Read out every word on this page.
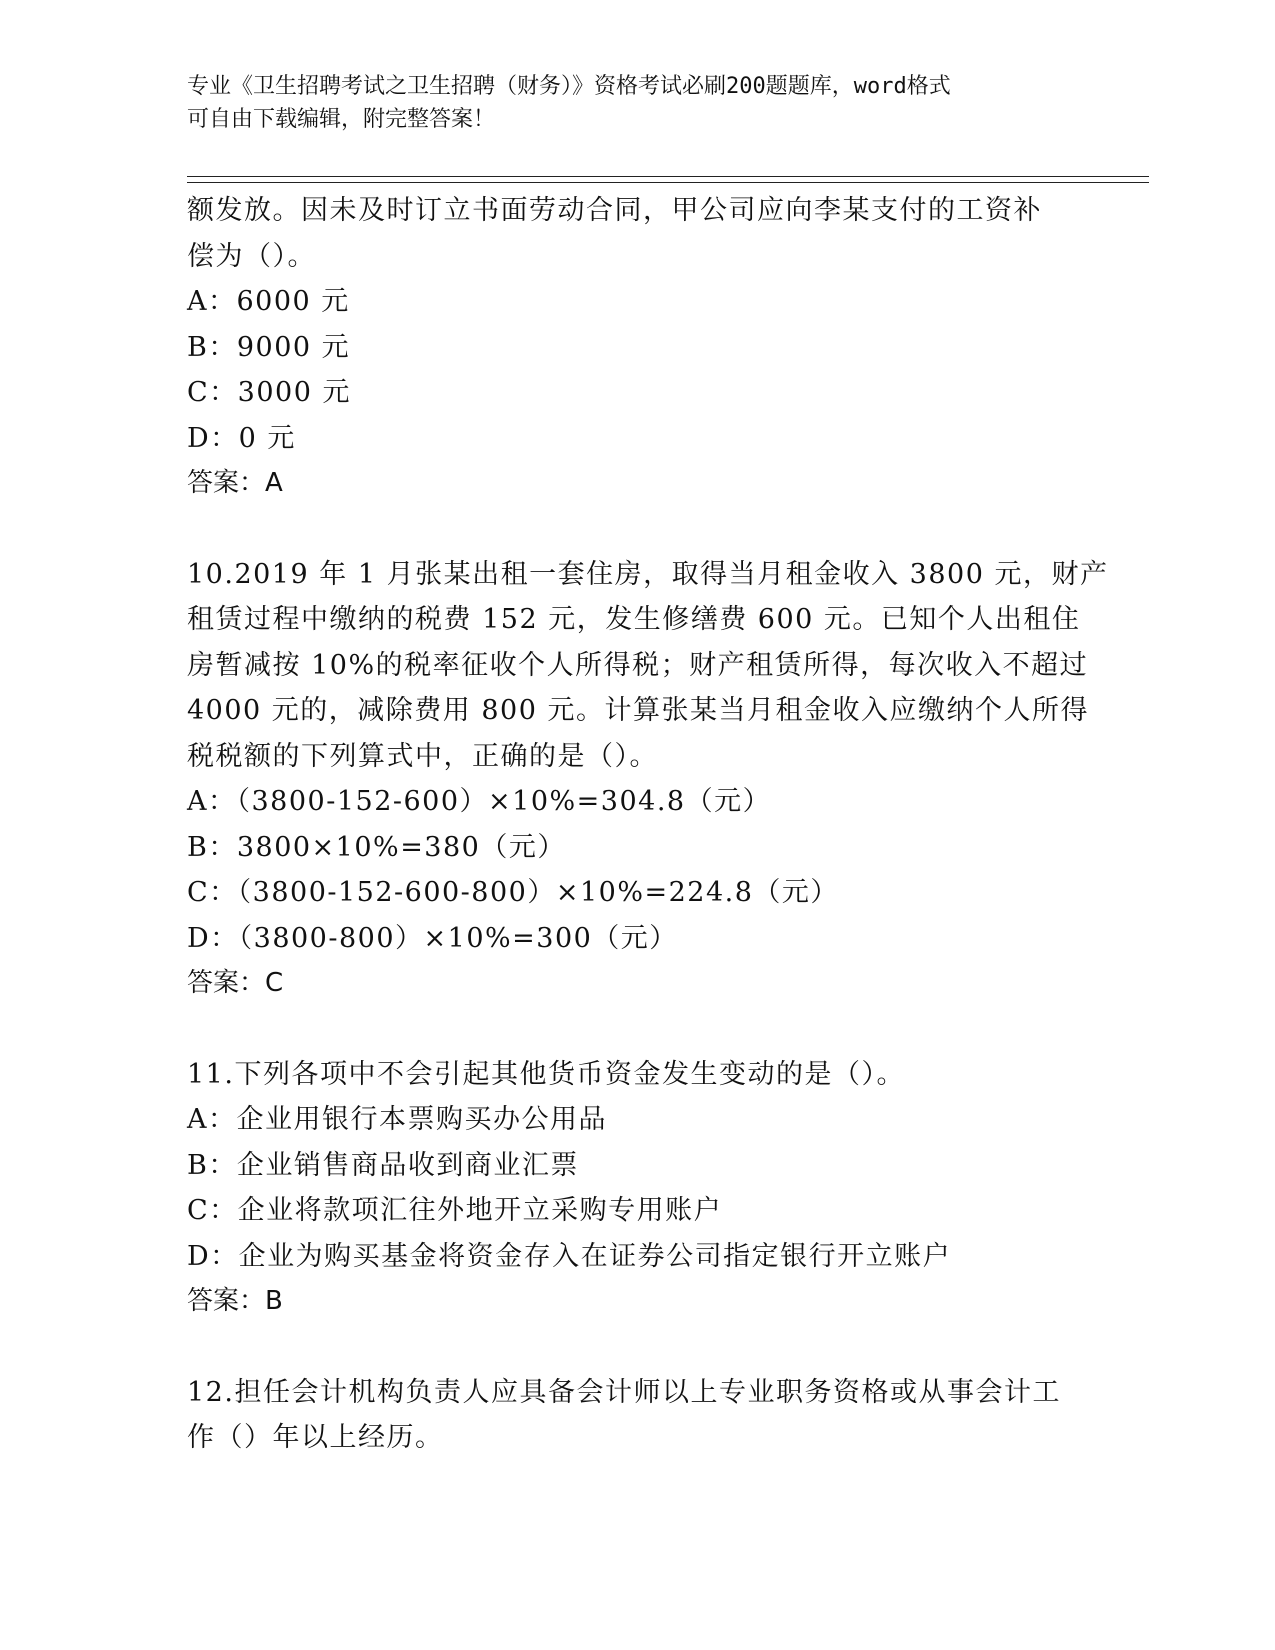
专业《卫生招聘考试之卫生招聘（财务）》资格考试必刷200题题库，word格式
可自由下载编辑，附完整答案！
额发放。因未及时订立书面劳动合同，甲公司应向李某支付的工资补
偿为（）。
A：6000 元
B：9000 元
C：3000 元
D：0 元
答案：A
10.2019 年 1 月张某出租一套住房，取得当月租金收入 3800 元，财产
租赁过程中缴纳的税费 152 元，发生修缮费 600 元。已知个人出租住
房暂减按 10%的税率征收个人所得税；财产租赁所得，每次收入不超过
4000 元的，减除费用 800 元。计算张某当月租金收入应缴纳个人所得
税税额的下列算式中，正确的是（）。
A：（3800-152-600）×10%=304.8（元）
B：3800×10%=380（元）
C：（3800-152-600-800）×10%=224.8（元）
D：（3800-800）×10%=300（元）
答案：C
11.下列各项中不会引起其他货币资金发生变动的是（）。
A：企业用银行本票购买办公用品
B：企业销售商品收到商业汇票
C：企业将款项汇往外地开立采购专用账户
D：企业为购买基金将资金存入在证券公司指定银行开立账户
答案：B
12.担任会计机构负责人应具备会计师以上专业职务资格或从事会计工
作（）年以上经历。
